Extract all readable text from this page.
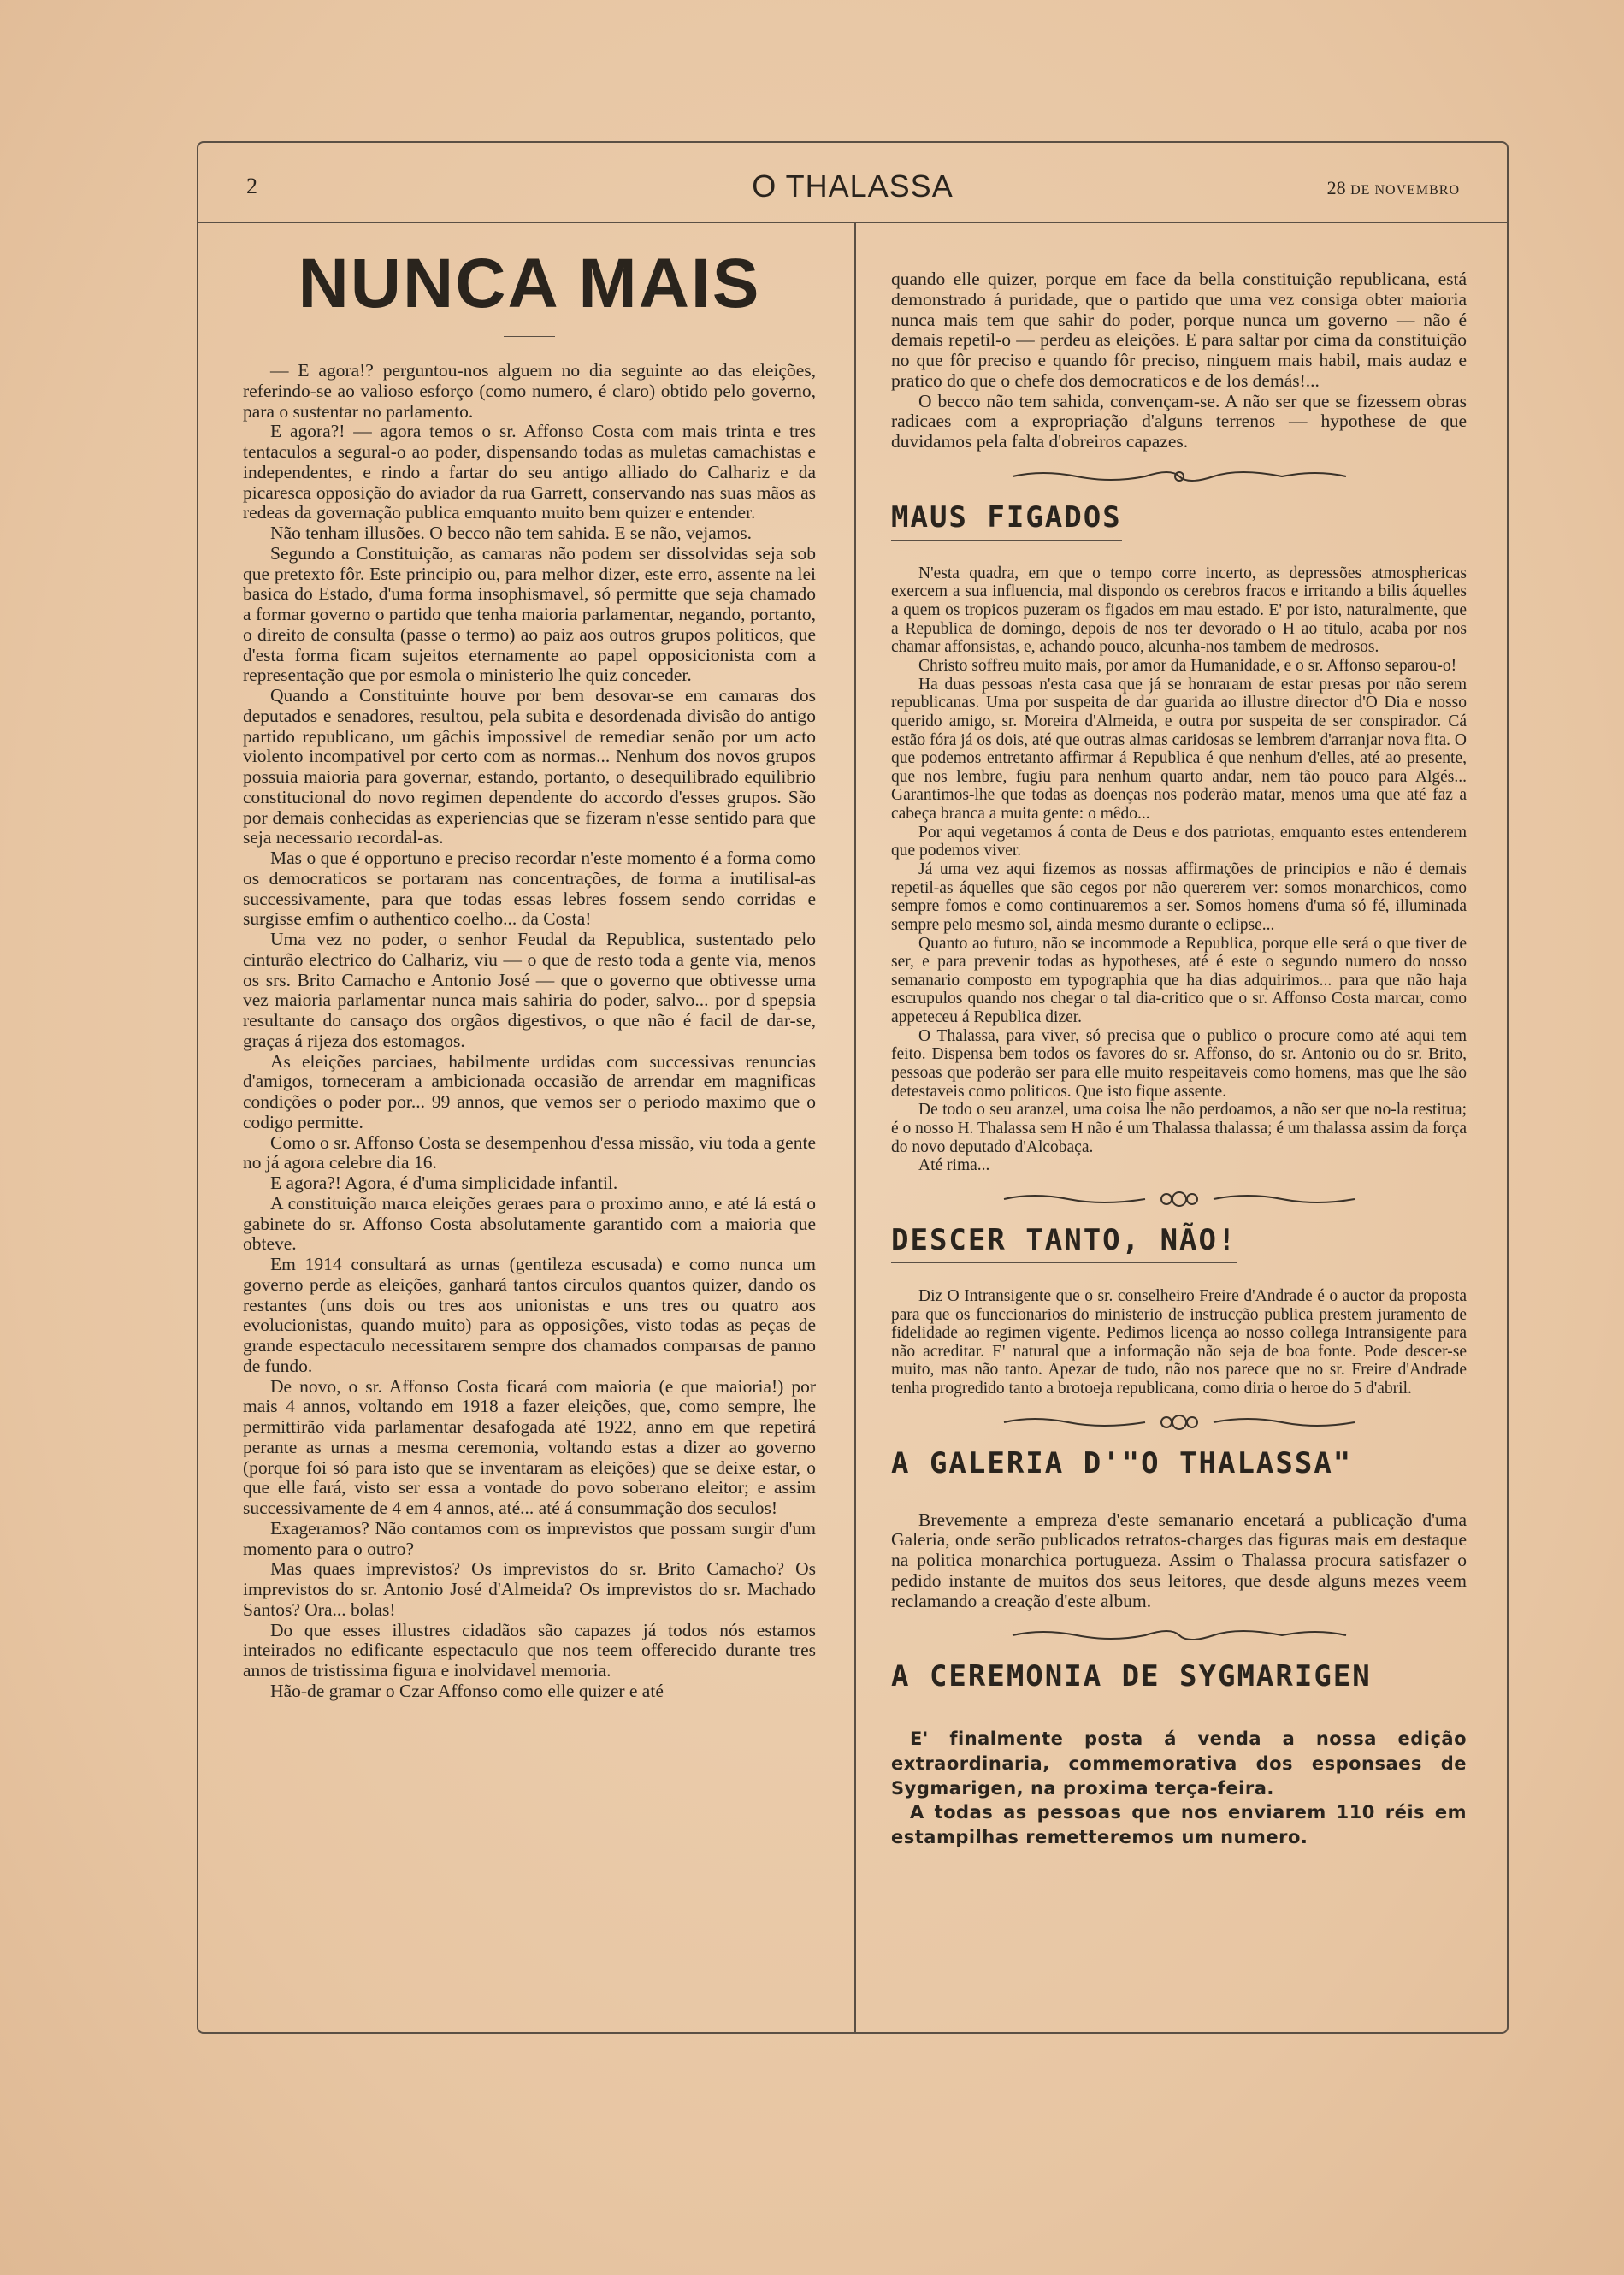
2	O THALASSA	28 DE NOVEMBRO
NUNCA MAIS

— E agora!? perguntou-nos alguem no dia seguinte ao das eleições, referindo-se ao valioso esforço (como numero, é claro) obtido pelo governo, para o sustentar no parlamento.

E agora?! — agora temos o sr. Affonso Costa com mais trinta e tres tentaculos a segural-o ao poder, dispensando todas as muletas camachistas e independentes, e rindo a fartar do seu antigo alliado do Calhariz e da picaresca opposição do aviador da rua Garrett, conservando nas suas mãos as redeas da governação publica emquanto muito bem quizer e entender.

Não tenham illusões. O becco não tem sahida. E se não, vejamos.

Segundo a Constituição, as camaras não podem ser dissolvidas seja sob que pretexto fôr. Este principio ou, para melhor dizer, este erro, assente na lei basica do Estado, d'uma forma insophismavel, só permitte que seja chamado a formar governo o partido que tenha maioria parlamentar, negando, portanto, o direito de consulta (passe o termo) ao paiz aos outros grupos politicos, que d'esta forma ficam sujeitos eternamente ao papel opposicionista com a representação que por esmola o ministerio lhe quiz conceder.

Quando a Constituinte houve por bem desovar-se em camaras dos deputados e senadores, resultou, pela subita e desordenada divisão do antigo partido republicano, um gâchis impossivel de remediar senão por um acto violento incompativel por certo com as normas... Nenhum dos novos grupos possuia maioria para governar, estando, portanto, o desequilibrado equilibrio constitucional do novo regimen dependente do accordo d'esses grupos. São por demais conhecidas as experiencias que se fizeram n'esse sentido para que seja necessario recordal-as.

Mas o que é opportuno e preciso recordar n'este momento é a forma como os democraticos se portaram nas concentrações, de forma a inutilisal-as successivamente, para que todas essas lebres fossem sendo corridas e surgisse emfim o authentico coelho... da Costa!

Uma vez no poder, o senhor Feudal da Republica, sustentado pelo cinturão electrico do Calhariz, viu — o que de resto toda a gente via, menos os srs. Brito Camacho e Antonio José — que o governo que obtivesse uma vez maioria parlamentar nunca mais sahiria do poder, salvo... por d spepsia resultante do cansaço dos orgãos digestivos, o que não é facil de dar-se, graças á rijeza dos estomagos.

As eleições parciaes, habilmente urdidas com successivas renuncias d'amigos, torneceram a ambicionada occasião de arrendar em magnificas condições o poder por... 99 annos, que vemos ser o periodo maximo que o codigo permitte.

Como o sr. Affonso Costa se desempenhou d'essa missão, viu toda a gente no já agora celebre dia 16.

E agora?! Agora, é d'uma simplicidade infantil.

A constituição marca eleições geraes para o proximo anno, e até lá está o gabinete do sr. Affonso Costa absolutamente garantido com a maioria que obteve.

Em 1914 consultará as urnas (gentileza escusada) e como nunca um governo perde as eleições, ganhará tantos circulos quantos quizer, dando os restantes (uns dois ou tres aos unionistas e uns tres ou quatro aos evolucionistas, quando muito) para as opposições, visto todas as peças de grande espectaculo necessitarem sempre dos chamados comparsas de panno de fundo.

De novo, o sr. Affonso Costa ficará com maioria (e que maioria!) por mais 4 annos, voltando em 1918 a fazer eleições, que, como sempre, lhe permittirão vida parlamentar desafogada até 1922, anno em que repetirá perante as urnas a mesma ceremonia, voltando estas a dizer ao governo (porque foi só para isto que se inventaram as eleições) que se deixe estar, o que elle fará, visto ser essa a vontade do povo soberano eleitor; e assim successivamente de 4 em 4 annos, até... até á consummação dos seculos!

Exageramos? Não contamos com os imprevistos que possam surgir d'um momento para o outro?

Mas quaes imprevistos? Os imprevistos do sr. Brito Camacho? Os imprevistos do sr. Antonio José d'Almeida? Os imprevistos do sr. Machado Santos? Ora... bolas!

Do que esses illustres cidadãos são capazes já todos nós estamos inteirados no edificante espectaculo que nos teem offerecido durante tres annos de tristissima figura e inolvidavel memoria.

Hão-de gramar o Czar Affonso como elle quizer e até

quando elle quizer, porque em face da bella constituição republicana, está demonstrado á puridade, que o partido que uma vez consiga obter maioria nunca mais tem que sahir do poder, porque nunca um governo — não é demais repetil-o — perdeu as eleições. E para saltar por cima da constituição no que fôr preciso e quando fôr preciso, ninguem mais habil, mais audaz e pratico do que o chefe dos democraticos e de los demás!...

O becco não tem sahida, convençam-se. A não ser que se fizessem obras radicaes com a expropriação d'alguns terrenos — hypothese de que duvidamos pela falta d'obreiros capazes.

MAUS FIGADOS

N'esta quadra, em que o tempo corre incerto, as depressões atmosphericas exercem a sua influencia, mal dispondo os cerebros fracos e irritando a bilis áquelles a quem os tropicos puzeram os figados em mau estado. E' por isto, naturalmente, que a Republica de domingo, depois de nos ter devorado o H ao titulo, acaba por nos chamar affonsistas, e, achando pouco, alcunha-nos tambem de medrosos.

Christo soffreu muito mais, por amor da Humanidade, e o sr. Affonso separou-o!

Ha duas pessoas n'esta casa que já se honraram de estar presas por não serem republicanas. Uma por suspeita de dar guarida ao illustre director d'O Dia e nosso querido amigo, sr. Moreira d'Almeida, e outra por suspeita de ser conspirador. Cá estão fóra já os dois, até que outras almas caridosas se lembrem d'arranjar nova fita. O que podemos entretanto affirmar á Republica é que nenhum d'elles, até ao presente, que nos lembre, fugiu para nenhum quarto andar, nem tão pouco para Algés... Garantimos-lhe que todas as doenças nos poderão matar, menos uma que até faz a cabeça branca a muita gente: o mêdo...

Por aqui vegetamos á conta de Deus e dos patriotas, emquanto estes entenderem que podemos viver.

Já uma vez aqui fizemos as nossas affirmações de principios e não é demais repetil-as áquelles que são cegos por não quererem ver: somos monarchicos, como sempre fomos e como continuaremos a ser. Somos homens d'uma só fé, illuminada sempre pelo mesmo sol, ainda mesmo durante o eclipse...

Quanto ao futuro, não se incommode a Republica, porque elle será o que tiver de ser, e para prevenir todas as hypotheses, até é este o segundo numero do nosso semanario composto em typographia que ha dias adquirimos... para que não haja escrupulos quando nos chegar o tal dia-critico que o sr. Affonso Costa marcar, como appeteceu á Republica dizer.

O Thalassa, para viver, só precisa que o publico o procure como até aqui tem feito. Dispensa bem todos os favores do sr. Affonso, do sr. Antonio ou do sr. Brito, pessoas que poderão ser para elle muito respeitaveis como homens, mas que lhe são detestaveis como politicos. Que isto fique assente.

De todo o seu aranzel, uma coisa lhe não perdoamos, a não ser que no-la restitua; é o nosso H. Thalassa sem H não é um Thalassa thalassa; é um thalassa assim da força do novo deputado d'Alcobaça.

Até rima...

DESCER TANTO, NÃO!

Diz O Intransigente que o sr. conselheiro Freire d'Andrade é o auctor da proposta para que os funccionarios do ministerio de instrucção publica prestem juramento de fidelidade ao regimen vigente. Pedimos licença ao nosso collega Intransigente para não acreditar. E' natural que a informação não seja de boa fonte. Pode descer-se muito, mas não tanto. Apezar de tudo, não nos parece que no sr. Freire d'Andrade tenha progredido tanto a brotoeja republicana, como diria o heroe do 5 d'abril.

A GALERIA D'"O THALASSA"

Brevemente a empreza d'este semanario encetará a publicação d'uma Galeria, onde serão publicados retratos-charges das figuras mais em destaque na politica monarchica portugueza. Assim o Thalassa procura satisfazer o pedido instante de muitos dos seus leitores, que desde alguns mezes veem reclamando a creação d'este album.

A CEREMONIA DE SYGMARIGEN

E' finalmente posta á venda a nossa edição extraordinaria, commemorativa dos esponsaes de Sygmarigen, na proxima terça-feira.

A todas as pessoas que nos enviarem 110 réis em estampilhas remetteremos um numero.
